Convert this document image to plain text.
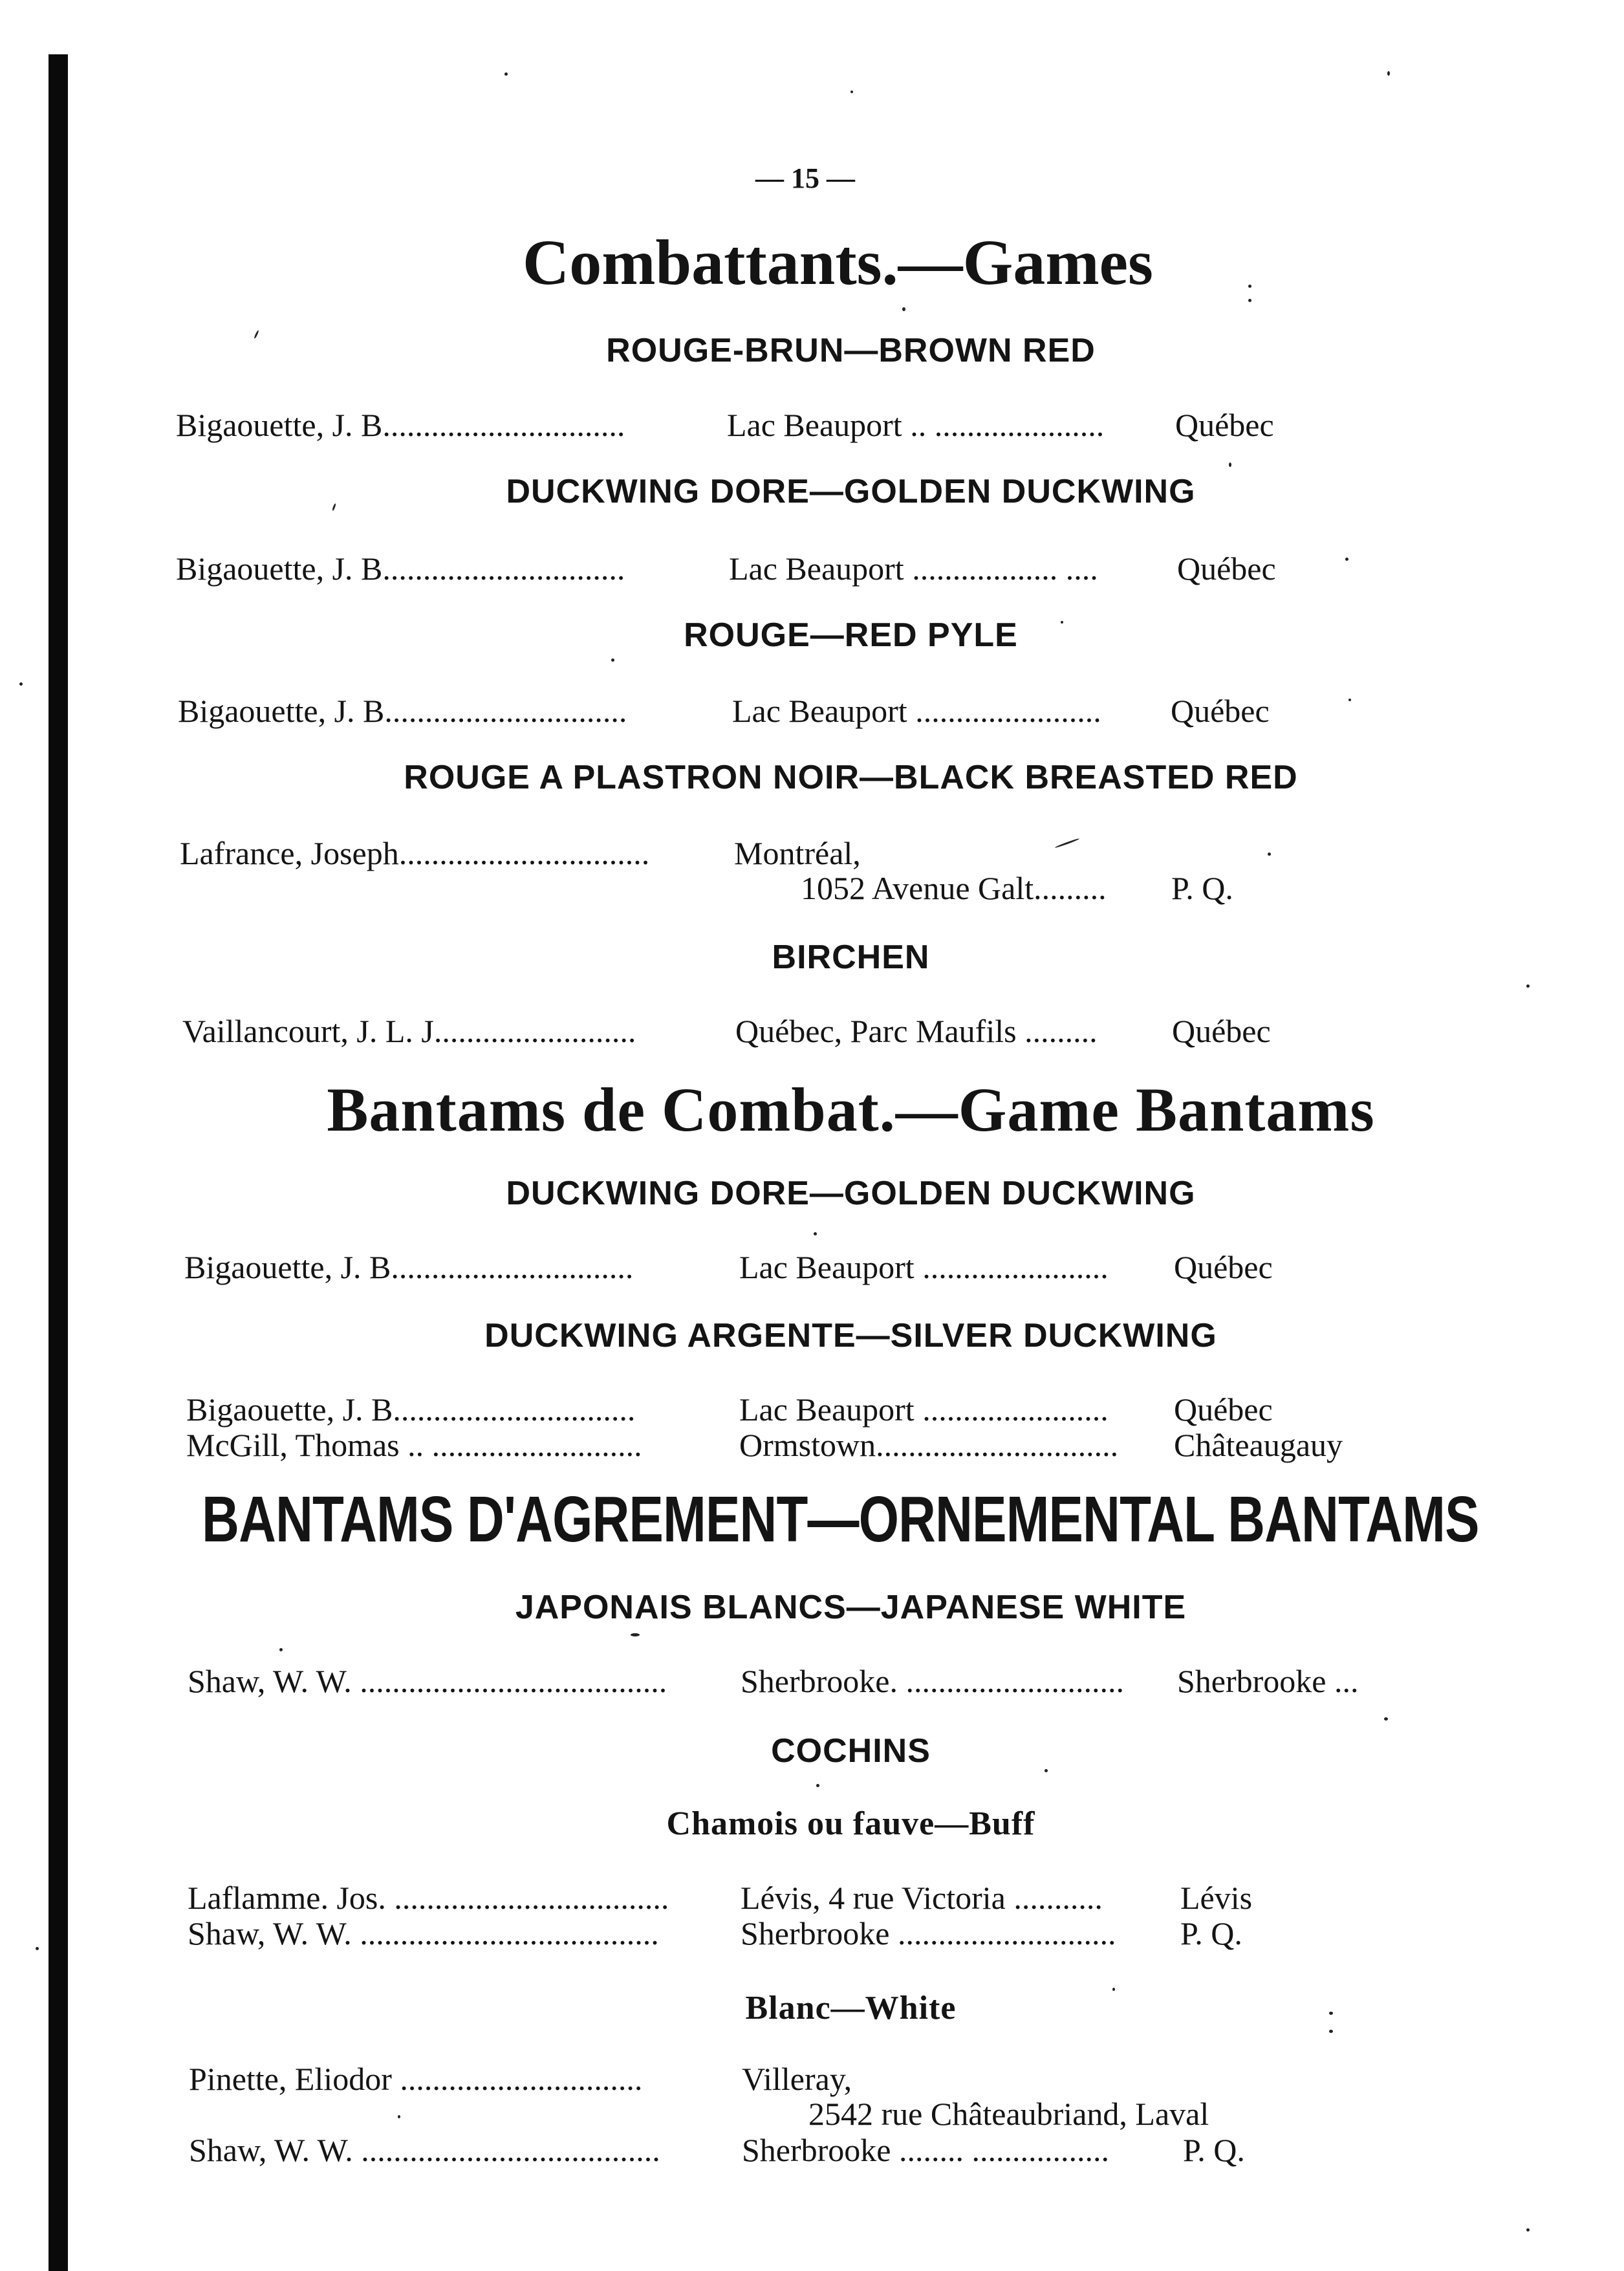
— 15 —
Combattants.—Games
ROUGE-BRUN—BROWN RED
Bigaouette, J. B..............................	Lac Beauport .. ..................... Québec
DUCKWING DORE—GOLDEN DUCKWING
Bigaouette, J. B..............................	Lac Beauport .................. .... Québec
ROUGE—RED PYLE
Bigaouette, J. B..............................	Lac Beauport ....................... Québec
ROUGE A PLASTRON NOIR—BLACK BREASTED RED
Lafrance, Joseph...............................	Montréal,
1052 Avenue Galt......... P. Q.
BIRCHEN
Vaillancourt, J. L. J.........................	Québec, Parc Maufils ......... Québec
Bantams de Combat.—Game Bantams
DUCKWING DORE—GOLDEN DUCKWING
Bigaouette, J. B..............................	Lac Beauport ....................... Québec
DUCKWING ARGENTE—SILVER DUCKWING
Bigaouette, J. B..............................	Lac Beauport ....................... Québec
McGill, Thomas .. ..........................	Ormstown.............................. Châteaugauy
BANTAMS D'AGREMENT—ORNEMENTAL BANTAMS
JAPONAIS BLANCS—JAPANESE WHITE
Shaw, W. W. ...................................... Sherbrooke. ........................... Sherbrooke ...
COCHINS
Chamois ou fauve—Buff
Laflamme. Jos. .................................. Lévis, 4 rue Victoria ........... Lévis
Shaw, W. W. .....................................	Sherbrooke ........................... P. Q.
Blanc—White
Pinette, Eliodor ..............................	Villeray,
2542 rue Châteaubriand, Laval
Shaw, W. W. .....................................	Sherbrooke ........ ................. P. Q.
